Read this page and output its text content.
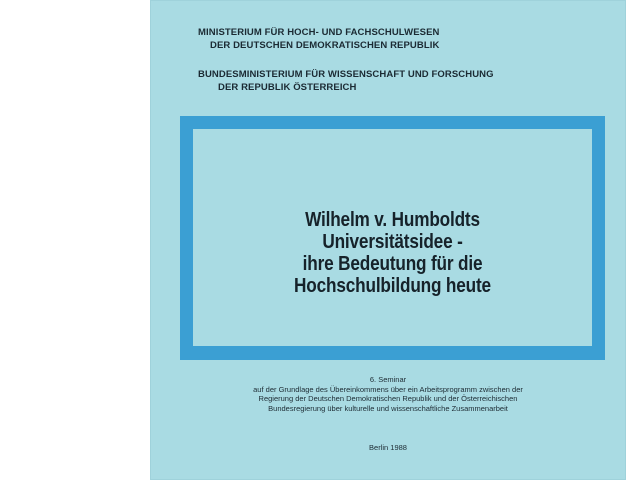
MINISTERIUM FÜR HOCH- UND FACHSCHULWESEN
DER DEUTSCHEN DEMOKRATISCHEN REPUBLIK
BUNDESMINISTERIUM FÜR WISSENSCHAFT UND FORSCHUNG
DER REPUBLIK ÖSTERREICH
Wilhelm v. Humboldts
Universitätsidee -
ihre Bedeutung für die
Hochschulbildung heute
6. Seminar
auf der Grundlage des Übereinkommens über ein Arbeitsprogramm zwischen der
Regierung der Deutschen Demokratischen Republik und der Österreichischen
Bundesregierung über kulturelle und wissenschaftliche Zusammenarbeit
Berlin 1988
